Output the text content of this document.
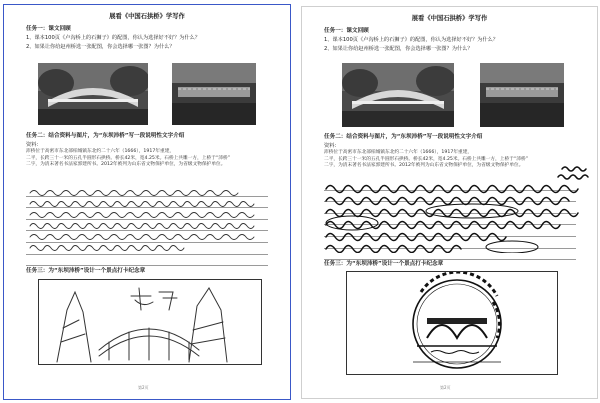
展看《中国石拱桥》学写作
任务一：课文回顾
1、课本100页《卢沟桥上的石狮子》的配图，你认为选择好不好？为什么？
2、如果让你给赵州桥选一张配图，你会选择哪一张图？为什么？
任务二：结合资料与图片，为“东坝沛桥”写一段说明性文字介绍
资料：
沛桥位于高密市东北部柏城镇东北约二十六年（1666），1917年重建，
二平，长跨三十一米的五孔半圆形石拱桥。桥长42米，宽4.25米。石桥上共雕一方，上桥于“沛桥”
二字，为清末著名书法家郭建所书。2012年被列为山东省文物保护单位，为省级文物保护单位。
任务三：为“东坝沛桥”设计一个景点打卡纪念章
第2页
展看《中国石拱桥》学写作
任务一：课文回顾
1、课本100页《卢沟桥上的石狮子》的配图，你认为选择好不好？为什么？
2、如果让你给赵州桥选一张配图，你会选择哪一张图？为什么？
任务二：结合资料与图片，为“东坝沛桥”写一段说明性文字介绍
资料：
沛桥位于高密市东北部柏城镇东北约二十六年（1666），1917年重建，
二平，长跨三十一米的五孔半圆形石拱桥。桥长42米，宽4.25米。石桥上共雕一方，上桥于“沛桥”
二字，为清末著名书法家郭建所书。2012年被列为山东省文物保护单位，为省级文物保护单位。
任务三：为“东坝沛桥”设计一个景点打卡纪念章
第2页
